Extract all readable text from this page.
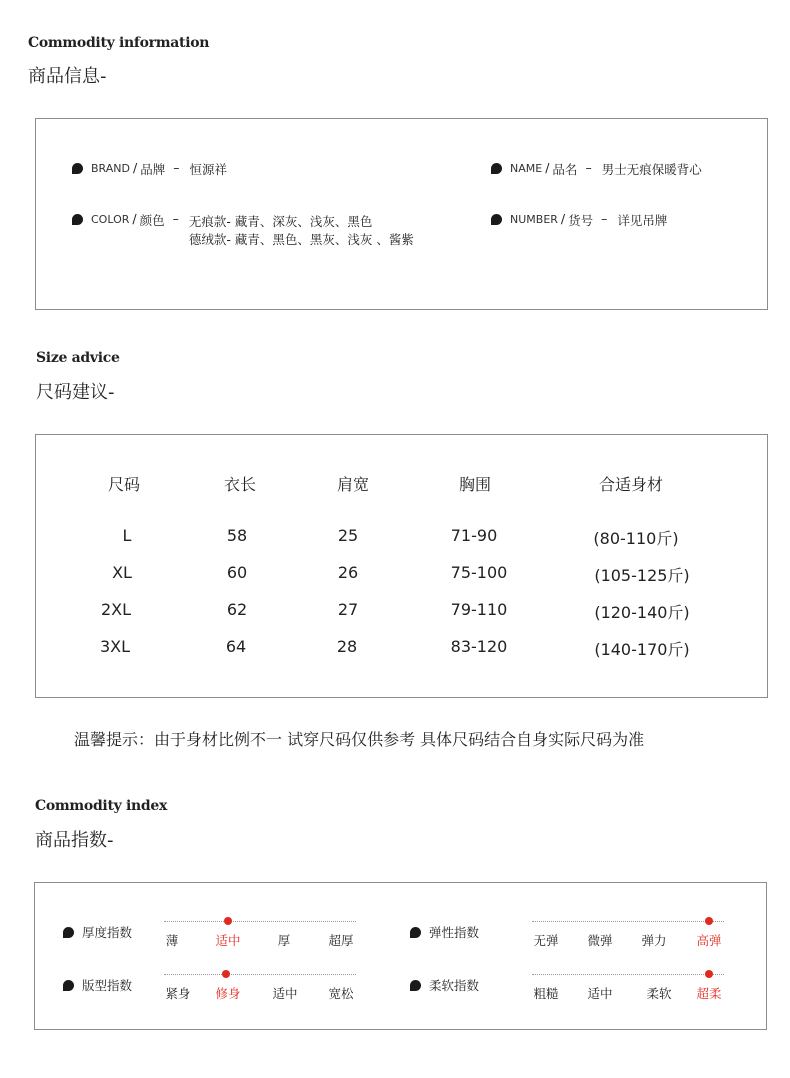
Commodity information
商品信息-
BRAND / 品牌 – 恒源祥	NAME / 品名 – 男士无痕保暖背心
COLOR / 颜色 – 无痕款- 藏青、深灰、浅灰、黑色
德绒款- 藏青、黑色、黑灰、浅灰 、酱紫
NUMBER / 货号 – 详见吊牌
Size advice
尺码建议-
尺码	衣长	肩宽	胸围	合适身材
L	58	25	71-90	(80-110斤)
XL	60	26	75-100	(105-125斤)
2XL	62	27	79-110	(120-140斤)
3XL	64	28	83-120	(140-170斤)
温馨提示：由于身材比例不一 试穿尺码仅供参考 具体尺码结合自身实际尺码为准
Commodity index
商品指数-
厚度指数
薄	适中	厚	超厚
弹性指数
无弹 微弹 弹力 高弹
版型指数
紧身 修身	适中 宽松
柔软指数
粗糙 适中	柔软 超柔
